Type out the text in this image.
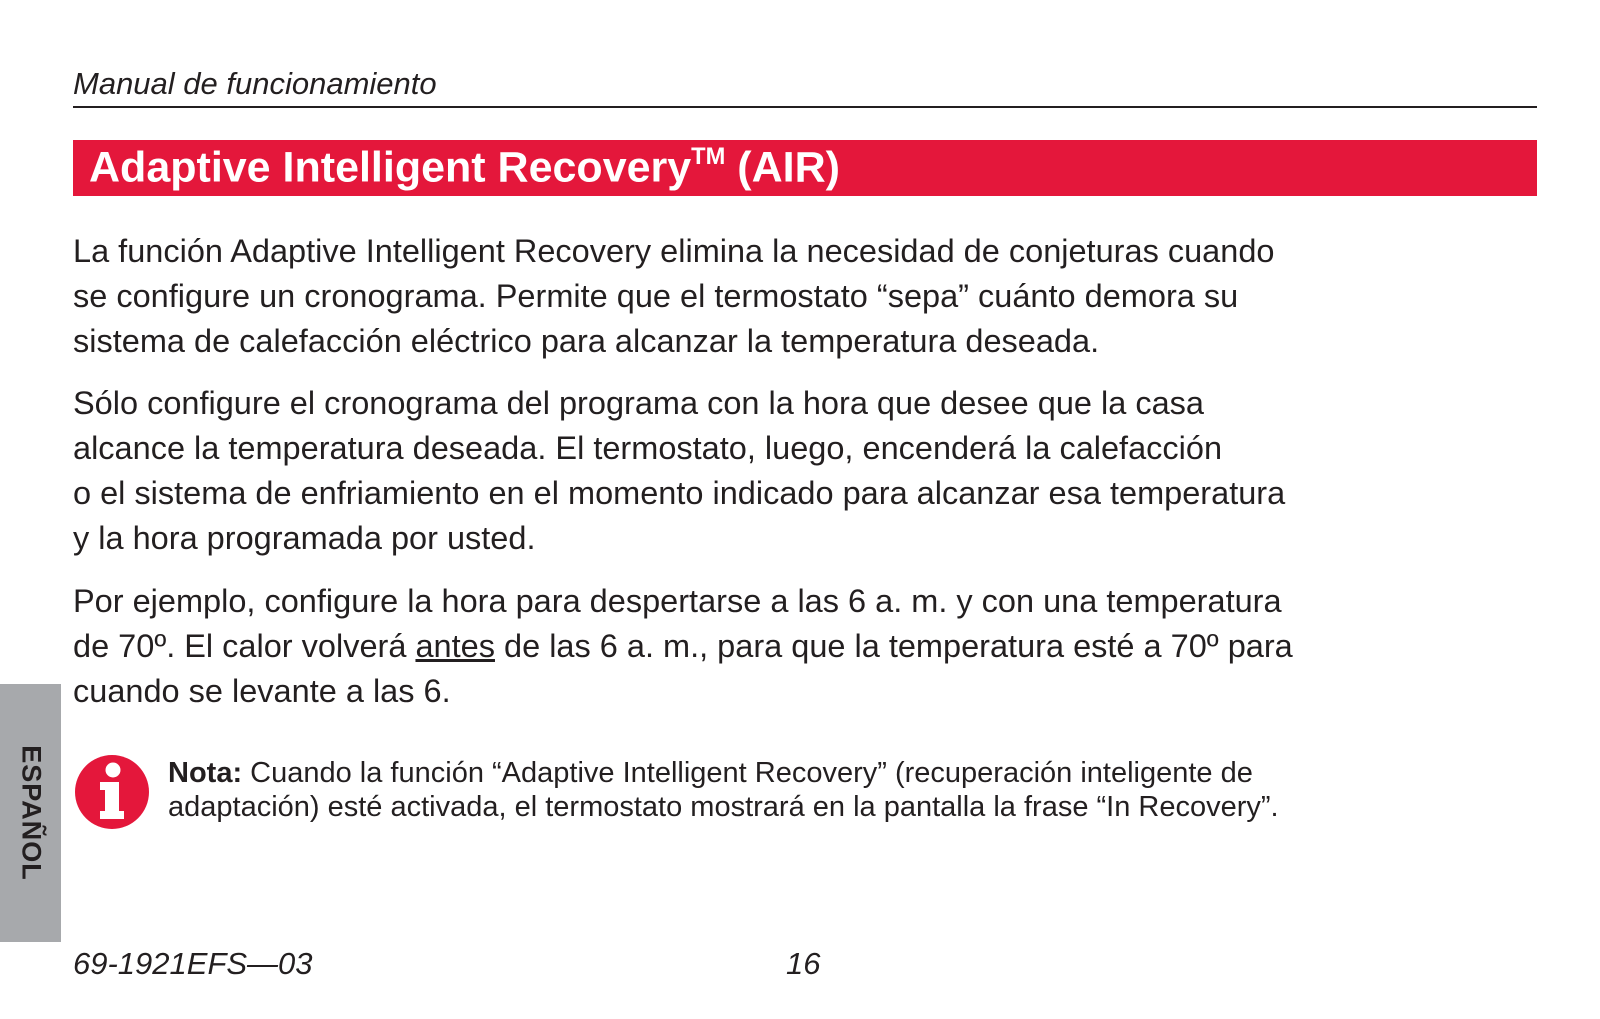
Manual de funcionamiento
Adaptive Intelligent Recovery™ (AIR)

La función Adaptive Intelligent Recovery elimina la necesidad de conjeturas cuando
se configure un cronograma. Permite que el termostato “sepa” cuánto demora su
sistema de calefacción eléctrico para alcanzar la temperatura deseada.

Sólo configure el cronograma del programa con la hora que desee que la casa
alcance la temperatura deseada. El termostato, luego, encenderá la calefacción
o el sistema de enfriamiento en el momento indicado para alcanzar esa temperatura
y la hora programada por usted.

Por ejemplo, configure la hora para despertarse a las 6 a. m. y con una temperatura
de 70º. El calor volverá antes de las 6 a. m., para que la temperatura esté a 70º para
cuando se levante a las 6.

ESPAÑOL	Nota: Cuando la función “Adaptive Intelligent Recovery” (recuperación inteligente de
adaptación) esté activada, el termostato mostrará en la pantalla la frase “In Recovery”.

69-1921EFS—03	16
